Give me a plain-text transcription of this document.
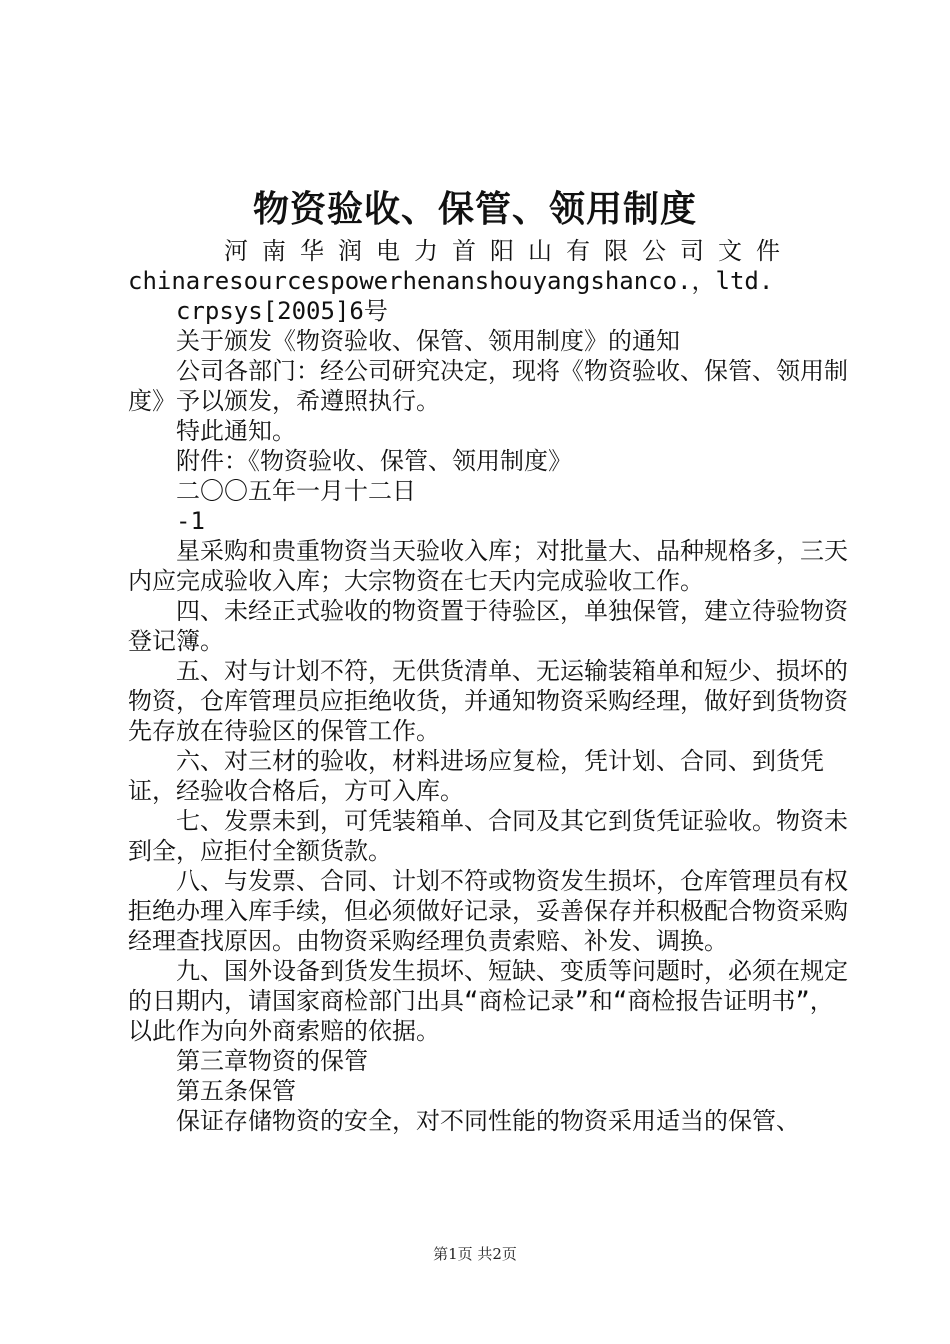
物资验收、保管、领用制度

河南华润电力首阳山有限公司文件

chinaresourcespowerhenanshouyangshanco.，ltd.

crpsys[2005]6号

关于颁发《物资验收、保管、领用制度》的通知

公司各部门：经公司研究决定，现将《物资验收、保管、领用制度》予以颁发，希遵照执行。

特此通知。

附件：《物资验收、保管、领用制度》

二〇〇五年一月十二日

-1

星采购和贵重物资当天验收入库；对批量大、品种规格多，三天内应完成验收入库；大宗物资在七天内完成验收工作。

四、未经正式验收的物资置于待验区，单独保管，建立待验物资登记簿。

五、对与计划不符，无供货清单、无运输装箱单和短少、损坏的物资，仓库管理员应拒绝收货，并通知物资采购经理，做好到货物资先存放在待验区的保管工作。

六、对三材的验收，材料进场应复检，凭计划、合同、到货凭证，经验收合格后，方可入库。

七、发票未到，可凭装箱单、合同及其它到货凭证验收。物资未到全，应拒付全额货款。

八、与发票、合同、计划不符或物资发生损坏，仓库管理员有权拒绝办理入库手续，但必须做好记录，妥善保存并积极配合物资采购经理查找原因。由物资采购经理负责索赔、补发、调换。

九、国外设备到货发生损坏、短缺、变质等问题时，必须在规定的日期内，请国家商检部门出具“商检记录”和“商检报告证明书”，以此作为向外商索赔的依据。

第三章物资的保管

第五条保管

保证存储物资的安全，对不同性能的物资采用适当的保管、

第1页 共2页
